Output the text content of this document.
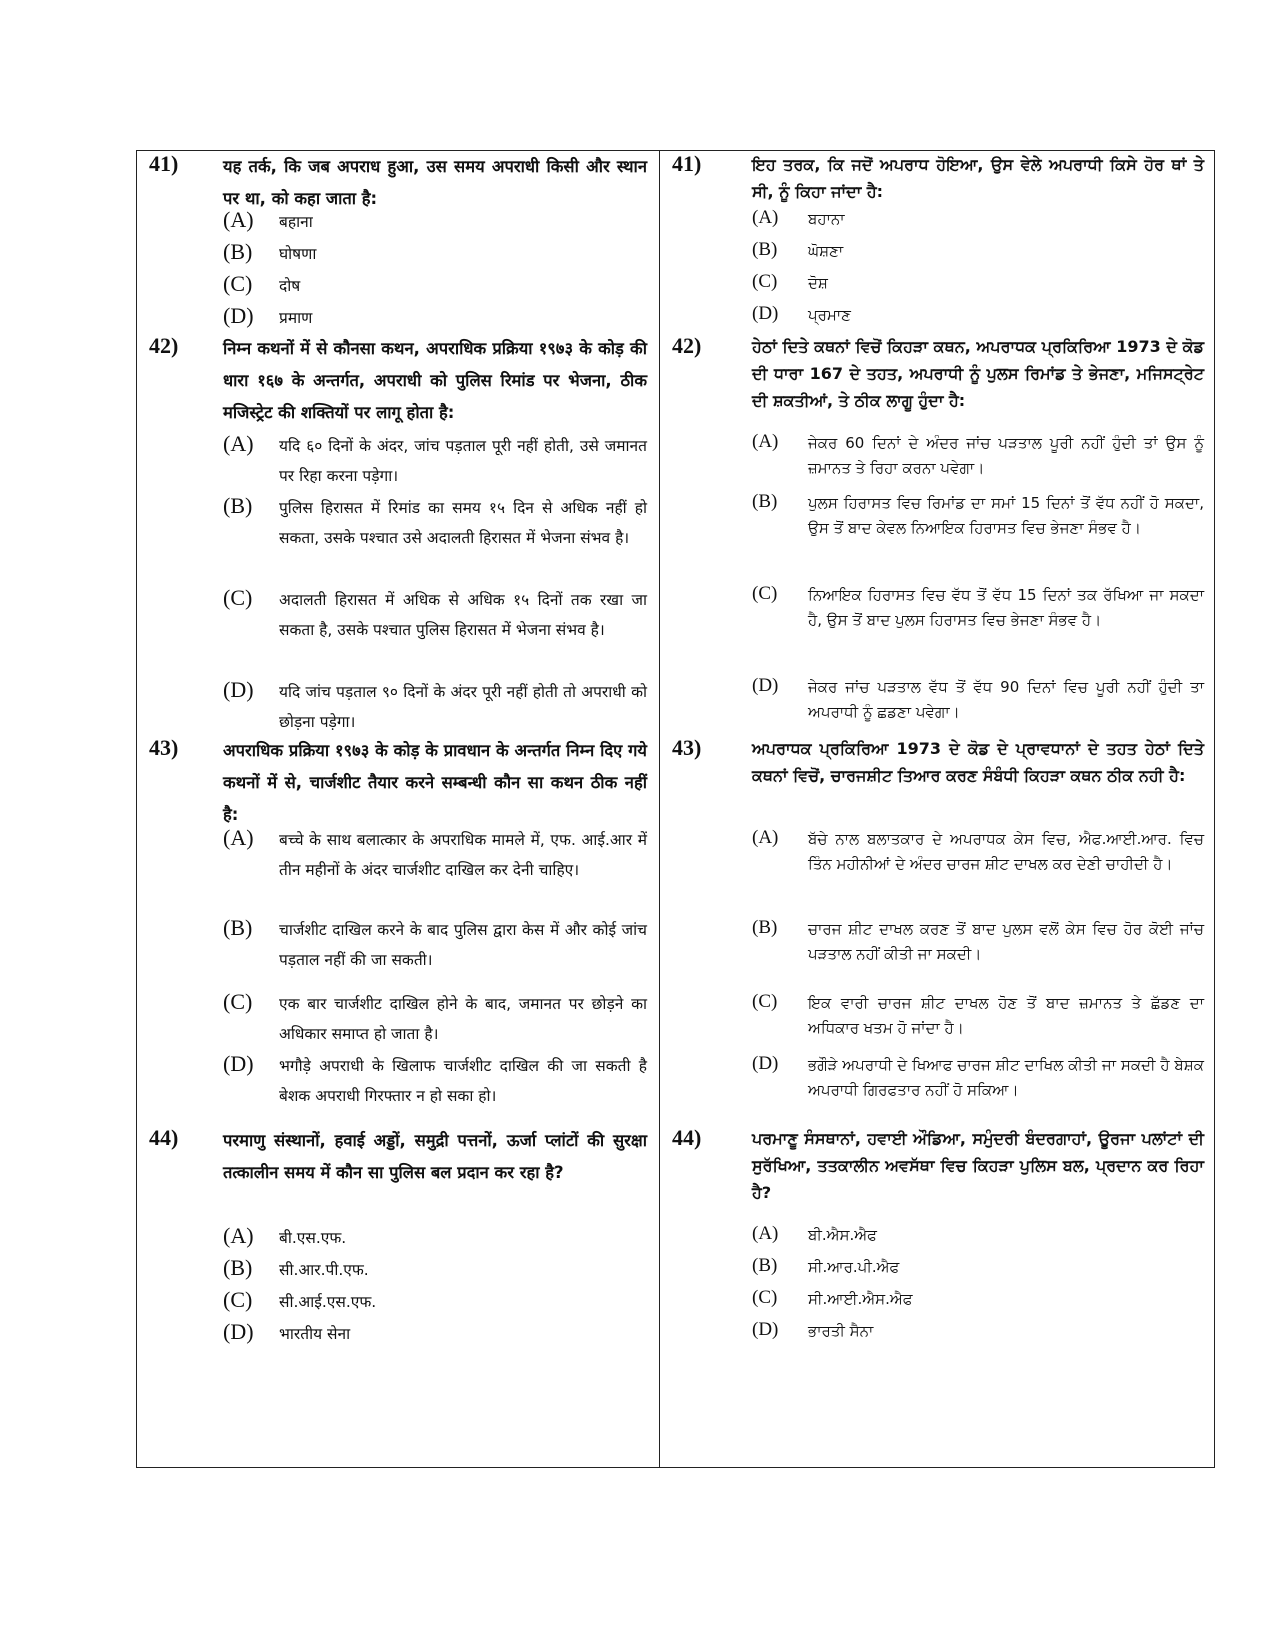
41)	यह तर्क, कि जब अपराध हुआ, उस समय अपराधी किसी और स्थान पर था, को कहा जाता है:
(A) बहाना
(B) घोषणा
(C) दोष
(D) प्रमाण
42)	निम्न कथनों में से कौनसा कथन, अपराधिक प्रक्रिया १९७३ के कोड़ की धारा १६७ के अन्तर्गत, अपराधी को पुलिस रिमांड पर भेजना, ठीक मजिस्ट्रेट की शक्तियों पर लागू होता है:
(A) यदि ६० दिनों के अंदर, जांच पड़ताल पूरी नहीं होती, उसे जमानत पर रिहा करना पड़ेगा।
(B) पुलिस हिरासत में रिमांड का समय १५ दिन से अधिक नहीं हो सकता, उसके पश्चात उसे अदालती हिरासत में भेजना संभव है।
(C) अदालती हिरासत में अधिक से अधिक १५ दिनों तक रखा जा सकता है, उसके पश्चात पुलिस हिरासत में भेजना संभव है।
(D) यदि जांच पड़ताल ९० दिनों के अंदर पूरी नहीं होती तो अपराधी को छोड़ना पड़ेगा।
43)	अपराधिक प्रक्रिया १९७३ के कोड़ के प्रावधान के अन्तर्गत निम्न दिए गये कथनों में से, चार्जशीट तैयार करने सम्बन्धी कौन सा कथन ठीक नहीं है:
(A) बच्चे के साथ बलात्कार के अपराधिक मामले में, एफ. आई.आर में तीन महीनों के अंदर चार्जशीट दाखिल कर देनी चाहिए।
(B) चार्जशीट दाखिल करने के बाद पुलिस द्वारा केस में और कोई जांच पड़ताल नहीं की जा सकती।
(C) एक बार चार्जशीट दाखिल होने के बाद, जमानत पर छोड़ने का अधिकार समाप्त हो जाता है।
(D) भगौड़े अपराधी के खिलाफ चार्जशीट दाखिल की जा सकती है बेशक अपराधी गिरफ्तार न हो सका हो।
44)	परमाणु संस्थानों, हवाई अड्डों, समुद्री पत्तनों, ऊर्जा प्लांटों की सुरक्षा तत्कालीन समय में कौन सा पुलिस बल प्रदान कर रहा है?
(A) बी.एस.एफ.
(B) सी.आर.पी.एफ.
(C) सी.आई.एस.एफ.
(D) भारतीय सेना
41)	ਇਹ ਤਰਕ, ਕਿ ਜਦੋਂ ਅਪਰਾਧ ਹੋਇਆ, ਉਸ ਵੇਲੇ ਅਪਰਾਧੀ ਕਿਸੇ ਹੋਰ ਥਾਂ ਤੇ ਸੀ, ਨੂੰ ਕਿਹਾ ਜਾਂਦਾ ਹੈ:
(A) ਬਹਾਨਾ
(B) ਘੋਸ਼ਣਾ
(C) ਦੋਸ਼
(D) ਪ੍ਰਮਾਣ
42)	ਹੇਠਾਂ ਦਿਤੇ ਕਥਨਾਂ ਵਿਚੋਂ ਕਿਹੜਾ ਕਥਨ, ਅਪਰਾਧਕ ਪ੍ਰਕਿਰਿਆ 1973 ਦੇ ਕੋਡ ਦੀ ਧਾਰਾ 167 ਦੇ ਤਹਤ, ਅਪਰਾਧੀ ਨੂੰ ਪੁਲਸ ਰਿਮਾਂਡ ਤੇ ਭੇਜਣਾ, ਮਜਿਸਟ੍ਰੇਟ ਦੀ ਸ਼ਕਤੀਆਂ, ਤੇ ਠੀਕ ਲਾਗੂ ਹੁੰਦਾ ਹੈ:
(A) ਜੇਕਰ 60 ਦਿਨਾਂ ਦੇ ਅੰਦਰ ਜਾਂਚ ਪੜਤਾਲ ਪੂਰੀ ਨਹੀਂ ਹੁੰਦੀ ਤਾਂ ਉਸ ਨੂੰ ਜ਼ਮਾਨਤ ਤੇ ਰਿਹਾ ਕਰਨਾ ਪਵੇਗਾ।
(B) ਪੁਲਸ ਹਿਰਾਸਤ ਵਿਚ ਰਿਮਾਂਡ ਦਾ ਸਮਾਂ 15 ਦਿਨਾਂ ਤੋਂ ਵੱਧ ਨਹੀਂ ਹੋ ਸਕਦਾ, ਉਸ ਤੋਂ ਬਾਦ ਕੇਵਲ ਨਿਆਇਕ ਹਿਰਾਸਤ ਵਿਚ ਭੇਜਣਾ ਸੰਭਵ ਹੈ।
(C) ਨਿਆਇਕ ਹਿਰਾਸਤ ਵਿਚ ਵੱਧ ਤੋਂ ਵੱਧ 15 ਦਿਨਾਂ ਤਕ ਰੱਖਿਆ ਜਾ ਸਕਦਾ ਹੈ, ਉਸ ਤੋਂ ਬਾਦ ਪੁਲਸ ਹਿਰਾਸਤ ਵਿਚ ਭੇਜਣਾ ਸੰਭਵ ਹੈ।
(D) ਜੇਕਰ ਜਾਂਚ ਪੜਤਾਲ ਵੱਧ ਤੋਂ ਵੱਧ 90 ਦਿਨਾਂ ਵਿਚ ਪੂਰੀ ਨਹੀਂ ਹੁੰਦੀ ਤਾ ਅਪਰਾਧੀ ਨੂੰ ਛਡਣਾ ਪਵੇਗਾ।
43)	ਅਪਰਾਧਕ ਪ੍ਰਕਿਰਿਆ 1973 ਦੇ ਕੋਡ ਦੇ ਪ੍ਰਾਵਧਾਨਾਂ ਦੇ ਤਹਤ ਹੇਠਾਂ ਦਿਤੇ ਕਥਨਾਂ ਵਿਚੋਂ, ਚਾਰਜਸ਼ੀਟ ਤਿਆਰ ਕਰਣ ਸੰਬੰਧੀ ਕਿਹੜਾ ਕਥਨ ਠੀਕ ਨਹੀ ਹੈ:
(A) ਬੱਚੇ ਨਾਲ ਬਲਾਤਕਾਰ ਦੇ ਅਪਰਾਧਕ ਕੇਸ ਵਿਚ, ਐਫ.ਆਈ.ਆਰ. ਵਿਚ ਤਿੰਨ ਮਹੀਨੀਆਂ ਦੇ ਅੰਦਰ ਚਾਰਜ ਸ਼ੀਟ ਦਾਖਲ ਕਰ ਦੇਣੀ ਚਾਹੀਦੀ ਹੈ।
(B) ਚਾਰਜ ਸ਼ੀਟ ਦਾਖਲ ਕਰਣ ਤੋਂ ਬਾਦ ਪੁਲਸ ਵਲੋਂ ਕੇਸ ਵਿਚ ਹੋਰ ਕੋਈ ਜਾਂਚ ਪੜਤਾਲ ਨਹੀਂ ਕੀਤੀ ਜਾ ਸਕਦੀ।
(C) ਇਕ ਵਾਰੀ ਚਾਰਜ ਸ਼ੀਟ ਦਾਖਲ ਹੋਣ ਤੋਂ ਬਾਦ ਜ਼ਮਾਨਤ ਤੇ ਛੱਡਣ ਦਾ ਅਧਿਕਾਰ ਖਤਮ ਹੋ ਜਾਂਦਾ ਹੈ।
(D) ਭਗੌੜੇ ਅਪਰਾਧੀ ਦੇ ਖਿਆਫ ਚਾਰਜ ਸ਼ੀਟ ਦਾਖਿਲ ਕੀਤੀ ਜਾ ਸਕਦੀ ਹੈ ਬੇਸ਼ਕ ਅਪਰਾਧੀ ਗਿਰਫਤਾਰ ਨਹੀਂ ਹੋ ਸਕਿਆ।
44)	ਪਰਮਾਣੂ ਸੰਸਥਾਨਾਂ, ਹਵਾਈ ਔਡਿਆ, ਸਮੁੰਦਰੀ ਬੰਦਰਗਾਹਾਂ, ਊਰਜਾ ਪਲਾਂਟਾਂ ਦੀ ਸੁਰੱਖਿਆ, ਤਤਕਾਲੀਨ ਅਵਸੱਥਾ ਵਿਚ ਕਿਹੜਾ ਪੁਲਿਸ ਬਲ, ਪ੍ਰਦਾਨ ਕਰ ਰਿਹਾ ਹੈ?
(A) ਬੀ.ਐਸ.ਐਫ
(B) ਸੀ.ਆਰ.ਪੀ.ਐਫ
(C) ਸੀ.ਆਈ.ਐਸ.ਐਫ
(D) ਭਾਰਤੀ ਸੈਨਾ
